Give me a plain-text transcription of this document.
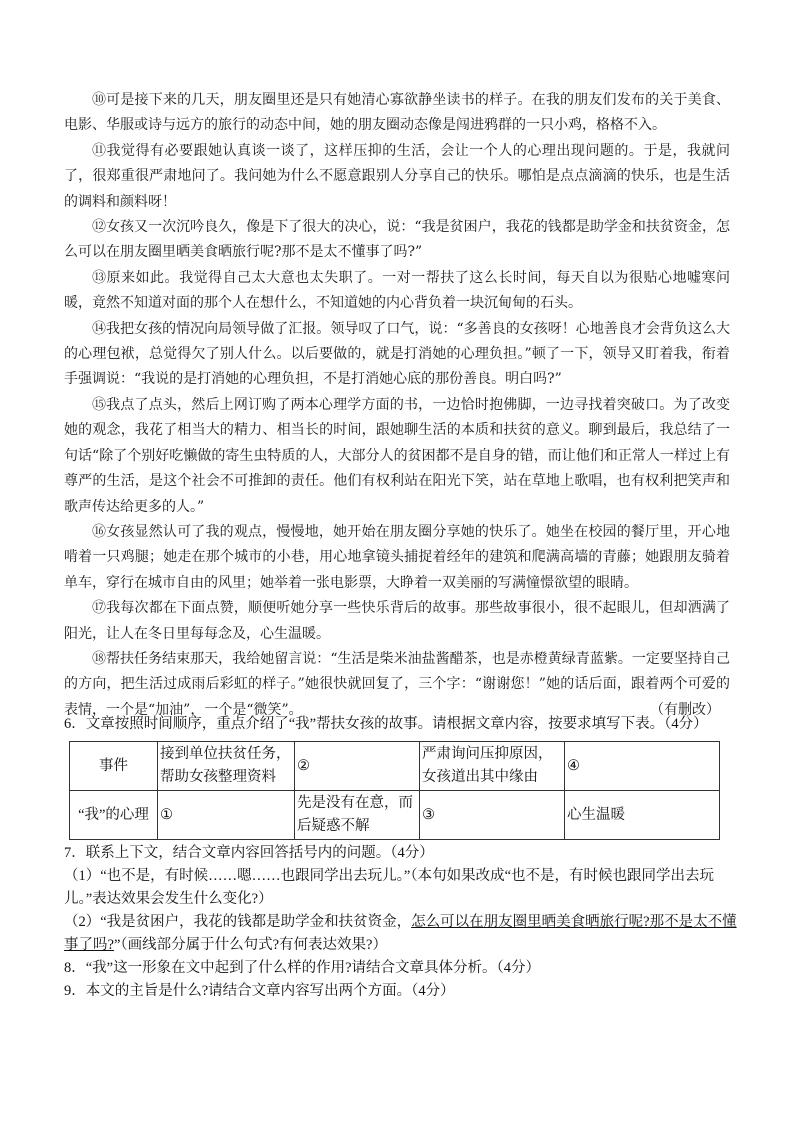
⑩可是接下来的几天，朋友圈里还是只有她清心寡欲静坐读书的样子。在我的朋友们发布的关于美食、电影、华服或诗与远方的旅行的动态中间，她的朋友圈动态像是闯进鸦群的一只小鸡，格格不入。

⑪我觉得有必要跟她认真谈一谈了，这样压抑的生活，会让一个人的心理出现问题的。于是，我就问了，很郑重很严肃地问了。我问她为什么不愿意跟别人分享自己的快乐。哪怕是点点滴滴的快乐，也是生活的调料和颜料呀！

⑫女孩又一次沉吟良久，像是下了很大的决心，说：“我是贫困户，我花的钱都是助学金和扶贫资金，怎么可以在朋友圈里晒美食晒旅行呢?那不是太不懂事了吗?”

⑬原来如此。我觉得自己太大意也太失职了。一对一帮扶了这么长时间，每天自以为很贴心地嘘寒问暖，竟然不知道对面的那个人在想什么，不知道她的内心背负着一块沉甸甸的石头。

⑭我把女孩的情况向局领导做了汇报。领导叹了口气，说：“多善良的女孩呀！心地善良才会背负这么大的心理包袱，总觉得欠了别人什么。以后要做的，就是打消她的心理负担。”顿了一下，领导又盯着我，衔着手强调说：“我说的是打消她的心理负担，不是打消她心底的那份善良。明白吗?”

⑮我点了点头，然后上网订购了两本心理学方面的书，一边恰时抱佛脚，一边寻找着突破口。为了改变她的观念，我花了相当大的精力、相当长的时间，跟她聊生活的本质和扶贫的意义。聊到最后，我总结了一句话“除了个别好吃懒做的寄生虫特质的人，大部分人的贫困都不是自身的错，而让他们和正常人一样过上有尊严的生活，是这个社会不可推卸的责任。他们有权利站在阳光下笑，站在草地上歌唱，也有权利把笑声和歌声传达给更多的人。”

⑯女孩显然认可了我的观点，慢慢地，她开始在朋友圈分享她的快乐了。她坐在校园的餐厅里，开心地啃着一只鸡腿；她走在那个城市的小巷，用心地拿镜头捕捉着经年的建筑和爬满高墙的青藤；她跟朋友骑着单车，穿行在城市自由的风里；她举着一张电影票，大睁着一双美丽的写满憧憬欲望的眼睛。

⑰我每次都在下面点赞，顺便听她分享一些快乐背后的故事。那些故事很小，很不起眼儿，但却洒满了阳光，让人在冬日里每每念及，心生温暖。

⑱帮扶任务结束那天，我给她留言说：“生活是柴米油盐酱醋茶，也是赤橙黄绿青蓝紫。一定要坚持自己的方向，把生活过成雨后彩虹的样子。”她很快就回复了，三个字：“谢谢您！”她的话后面，跟着两个可爱的表情，一个是“加油”，一个是“微笑”。	（有删改）

6．文章按照时间顺序，重点介绍了“我”帮扶女孩的故事。请根据文章内容，按要求填写下表。（4分）

事件	接到单位扶贫任务，帮助女孩整理资料	②	严肃询问压抑原因，女孩道出其中缘由	④
“我”的心理	①	先是没有在意，而后疑惑不解	③	心生温暖

7．联系上下文，结合文章内容回答括号内的问题。（4分）

（1）“也不是，有时候……嗯……也跟同学出去玩儿。”（本句如果改成“也不是，有时候也跟同学出去玩儿。”表达效果会发生什么变化?）

（2）“我是贫困户，我花的钱都是助学金和扶贫资金，怎么可以在朋友圈里晒美食晒旅行呢?那不是太不懂事了吗?”（画线部分属于什么句式?有何表达效果?）

8．“我”这一形象在文中起到了什么样的作用?请结合文章具体分析。（4分）

9．本文的主旨是什么?请结合文章内容写出两个方面。（4分）
